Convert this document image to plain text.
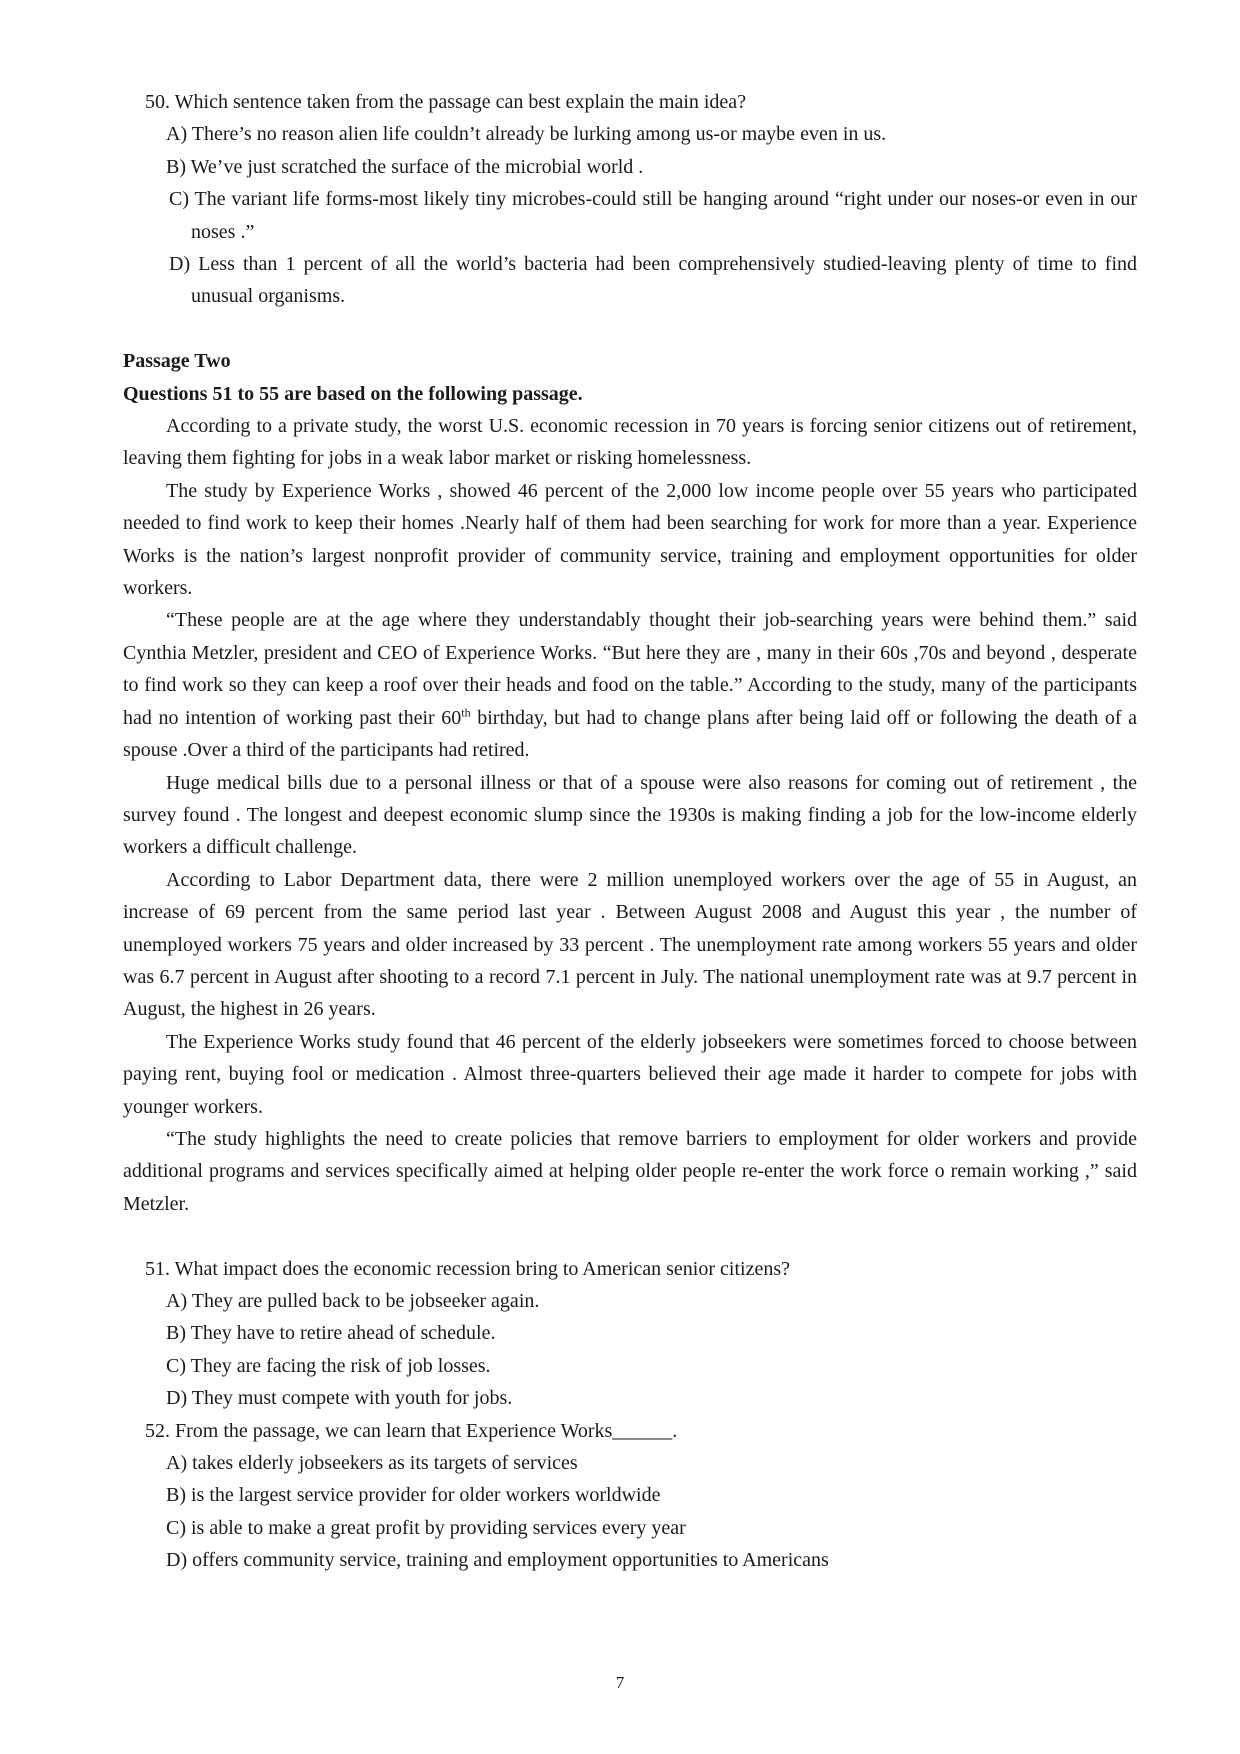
50. Which sentence taken from the passage can best explain the main idea?
A) There’s no reason alien life couldn’t already be lurking among us-or maybe even in us.
B) We’ve just scratched the surface of the microbial world .
C) The variant life forms-most likely tiny microbes-could still be hanging around “right under our noses-or even in our noses .”
D) Less than 1 percent of all the world’s bacteria had been comprehensively studied-leaving plenty of time to find unusual organisms.
Passage Two
Questions 51 to 55 are based on the following passage.
According to a private study, the worst U.S. economic recession in 70 years is forcing senior citizens out of retirement, leaving them fighting for jobs in a weak labor market or risking homelessness.
The study by Experience Works , showed 46 percent of the 2,000 low income people over 55 years who participated needed to find work to keep their homes .Nearly half of them had been searching for work for more than a year. Experience Works is the nation’s largest nonprofit provider of community service, training and employment opportunities for older workers.
“These people are at the age where they understandably thought their job-searching years were behind them.” said Cynthia Metzler, president and CEO of Experience Works. “But here they are , many in their 60s ,70s and beyond , desperate to find work so they can keep a roof over their heads and food on the table.” According to the study, many of the participants had no intention of working past their 60th birthday, but had to change plans after being laid off or following the death of a spouse .Over a third of the participants had retired.
Huge medical bills due to a personal illness or that of a spouse were also reasons for coming out of retirement , the survey found . The longest and deepest economic slump since the 1930s is making finding a job for the low-income elderly workers a difficult challenge.
According to Labor Department data, there were 2 million unemployed workers over the age of 55 in August, an increase of 69 percent from the same period last year . Between August 2008 and August this year , the number of unemployed workers 75 years and older increased by 33 percent . The unemployment rate among workers 55 years and older was 6.7 percent in August after shooting to a record 7.1 percent in July. The national unemployment rate was at 9.7 percent in August, the highest in 26 years.
The Experience Works study found that 46 percent of the elderly jobseekers were sometimes forced to choose between paying rent, buying fool or medication . Almost three-quarters believed their age made it harder to compete for jobs with younger workers.
“The study highlights the need to create policies that remove barriers to employment for older workers and provide additional programs and services specifically aimed at helping older people re-enter the work force o remain working ,” said Metzler.
51. What impact does the economic recession bring to American senior citizens?
A) They are pulled back to be jobseeker again.
B) They have to retire ahead of schedule.
C) They are facing the risk of job losses.
D) They must compete with youth for jobs.
52. From the passage, we can learn that Experience Works______.
A) takes elderly jobseekers as its targets of services
B) is the largest service provider for older workers worldwide
C) is able to make a great profit by providing services every year
D) offers community service, training and employment opportunities to Americans
7
